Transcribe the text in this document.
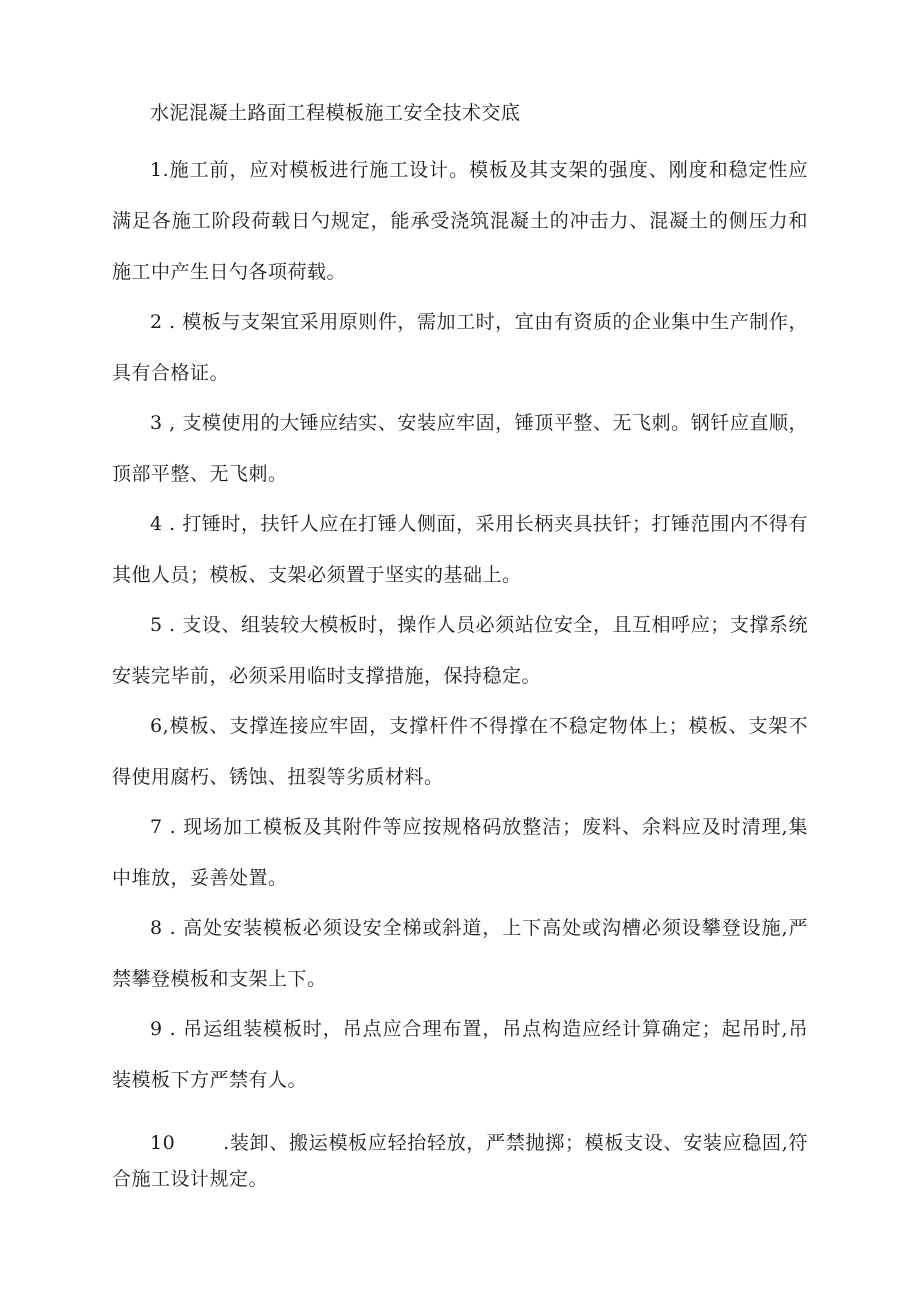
水泥混凝土路面工程模板施工安全技术交底
1.施工前，应对模板进行施工设计。模板及其支架的强度、刚度和稳定性应满足各施工阶段荷载日勺规定，能承受浇筑混凝土的冲击力、混凝土的侧压力和施工中产生日勺各项荷载。
2 . 模板与支架宜采用原则件，需加工时，宜由有资质的企业集中生产制作，具有合格证。
3 , 支模使用的大锤应结实、安装应牢固，锤顶平整、无飞刺。钢钎应直顺，顶部平整、无飞刺。
4 . 打锤时，扶钎人应在打锤人侧面，采用长柄夹具扶钎；打锤范围内不得有其他人员；模板、支架必须置于坚实的基础上。
5 . 支设、组装较大模板时，操作人员必须站位安全，且互相呼应；支撑系统安装完毕前，必须采用临时支撑措施，保持稳定。
6,模板、支撑连接应牢固，支撑杆件不得撑在不稳定物体上；模板、支架不得使用腐朽、锈蚀、扭裂等劣质材料。
7 . 现场加工模板及其附件等应按规格码放整洁；废料、余料应及时清理,集中堆放，妥善处置。
8 . 高处安装模板必须设安全梯或斜道，上下高处或沟槽必须设攀登设施,严禁攀登模板和支架上下。
9 . 吊运组装模板时，吊点应合理布置，吊点构造应经计算确定；起吊时,吊装模板下方严禁有人。
10	.装卸、搬运模板应轻抬轻放，严禁抛掷；模板支设、安装应稳固,符合施工设计规定。
